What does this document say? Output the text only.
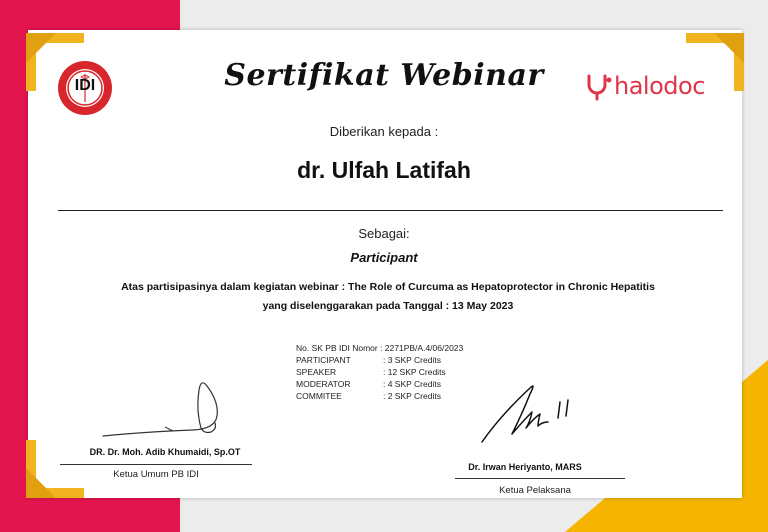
IDI	halodoc
Sertifikat Webinar
Diberikan kepada :
dr. Ulfah Latifah
Sebagai:
Participant
Atas partisipasinya dalam kegiatan webinar : The Role of Curcuma as Hepatoprotector in Chronic Hepatitis
yang diselenggarakan pada Tanggal : 13 May 2023
No. SK PB IDI Nomor : 2271PB/A.4/06/2023
PARTICIPANT	: 3 SKP Credits
SPEAKER	: 12 SKP Credits
MODERATOR	: 4 SKP Credits
COMMITEE	: 2 SKP Credits
DR. Dr. Moh. Adib Khumaidi, Sp.OT
Ketua Umum PB IDI
Dr. Irwan Heriyanto, MARS
Ketua Pelaksana
